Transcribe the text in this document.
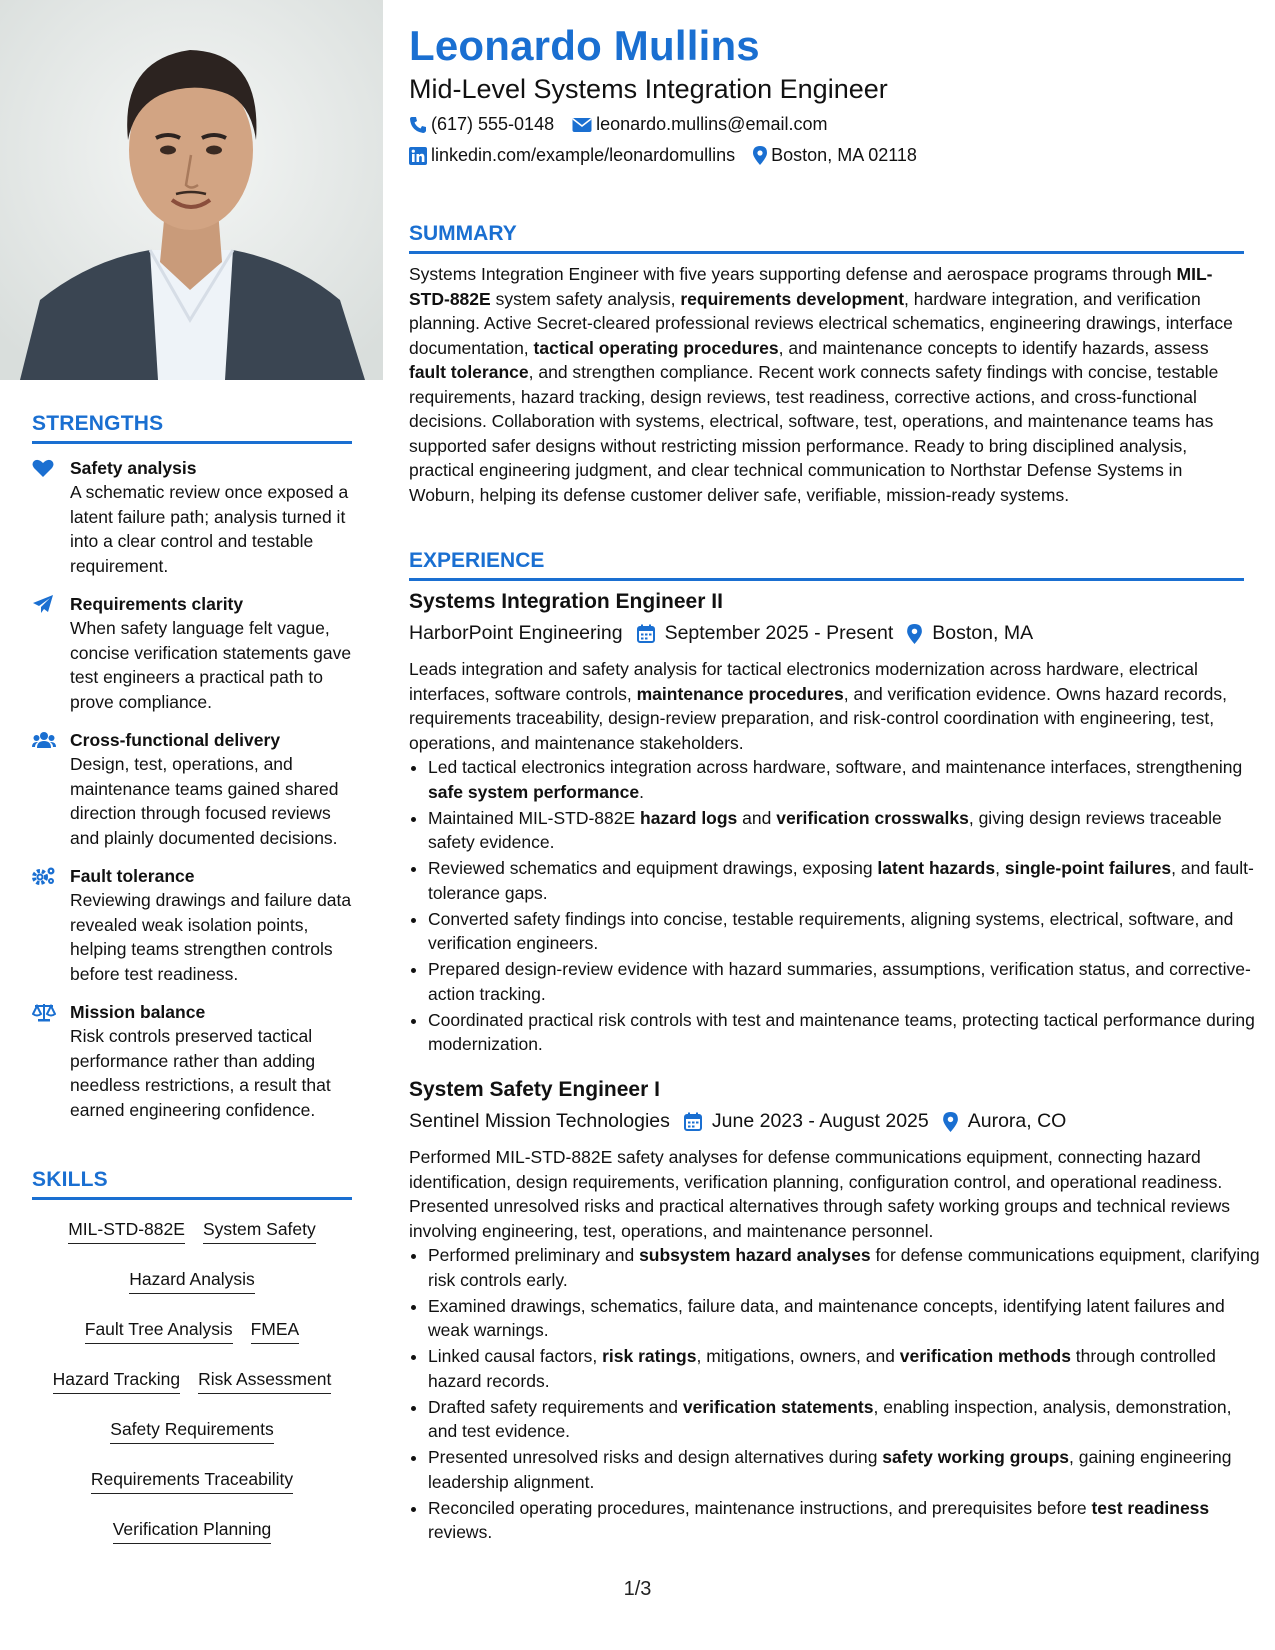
STRENGTHS
Safety analysis
A schematic review once exposed a latent failure path; analysis turned it into a clear control and testable requirement.
Requirements clarity
When safety language felt vague, concise verification statements gave test engineers a practical path to prove compliance.
Cross-functional delivery
Design, test, operations, and maintenance teams gained shared direction through focused reviews and plainly documented decisions.
Fault tolerance
Reviewing drawings and failure data revealed weak isolation points, helping teams strengthen controls before test readiness.
Mission balance
Risk controls preserved tactical performance rather than adding needless restrictions, a result that earned engineering confidence.
SKILLS
MIL-STD-882E System Safety
Hazard Analysis
Fault Tree Analysis FMEA
Hazard Tracking Risk Assessment
Safety Requirements
Requirements Traceability
Verification Planning
Leonardo Mullins
Mid-Level Systems Integration Engineer
(617) 555-0148 leonardo.mullins@email.com
linkedin.com/example/leonardomullins Boston, MA 02118
SUMMARY
Systems Integration Engineer with five years supporting defense and aerospace programs through MIL-STD-882E system safety analysis, requirements development, hardware integration, and verification planning. Active Secret-cleared professional reviews electrical schematics, engineering drawings, interface documentation, tactical operating procedures, and maintenance concepts to identify hazards, assess fault tolerance, and strengthen compliance. Recent work connects safety findings with concise, testable requirements, hazard tracking, design reviews, test readiness, corrective actions, and cross-functional decisions. Collaboration with systems, electrical, software, test, operations, and maintenance teams has supported safer designs without restricting mission performance. Ready to bring disciplined analysis, practical engineering judgment, and clear technical communication to Northstar Defense Systems in Woburn, helping its defense customer deliver safe, verifiable, mission-ready systems.
EXPERIENCE
Systems Integration Engineer II
HarborPoint Engineering September 2025 - Present Boston, MA
Leads integration and safety analysis for tactical electronics modernization across hardware, electrical interfaces, software controls, maintenance procedures, and verification evidence. Owns hazard records, requirements traceability, design-review preparation, and risk-control coordination with engineering, test, operations, and maintenance stakeholders.
• Led tactical electronics integration across hardware, software, and maintenance interfaces, strengthening safe system performance.
• Maintained MIL-STD-882E hazard logs and verification crosswalks, giving design reviews traceable safety evidence.
• Reviewed schematics and equipment drawings, exposing latent hazards, single-point failures, and fault-tolerance gaps.
• Converted safety findings into concise, testable requirements, aligning systems, electrical, software, and verification engineers.
• Prepared design-review evidence with hazard summaries, assumptions, verification status, and corrective-action tracking.
• Coordinated practical risk controls with test and maintenance teams, protecting tactical performance during modernization.
System Safety Engineer I
Sentinel Mission Technologies June 2023 - August 2025 Aurora, CO
Performed MIL-STD-882E safety analyses for defense communications equipment, connecting hazard identification, design requirements, verification planning, configuration control, and operational readiness. Presented unresolved risks and practical alternatives through safety working groups and technical reviews involving engineering, test, operations, and maintenance personnel.
• Performed preliminary and subsystem hazard analyses for defense communications equipment, clarifying risk controls early.
• Examined drawings, schematics, failure data, and maintenance concepts, identifying latent failures and weak warnings.
• Linked causal factors, risk ratings, mitigations, owners, and verification methods through controlled hazard records.
• Drafted safety requirements and verification statements, enabling inspection, analysis, demonstration, and test evidence.
• Presented unresolved risks and design alternatives during safety working groups, gaining engineering leadership alignment.
• Reconciled operating procedures, maintenance instructions, and prerequisites before test readiness reviews.
1/3
